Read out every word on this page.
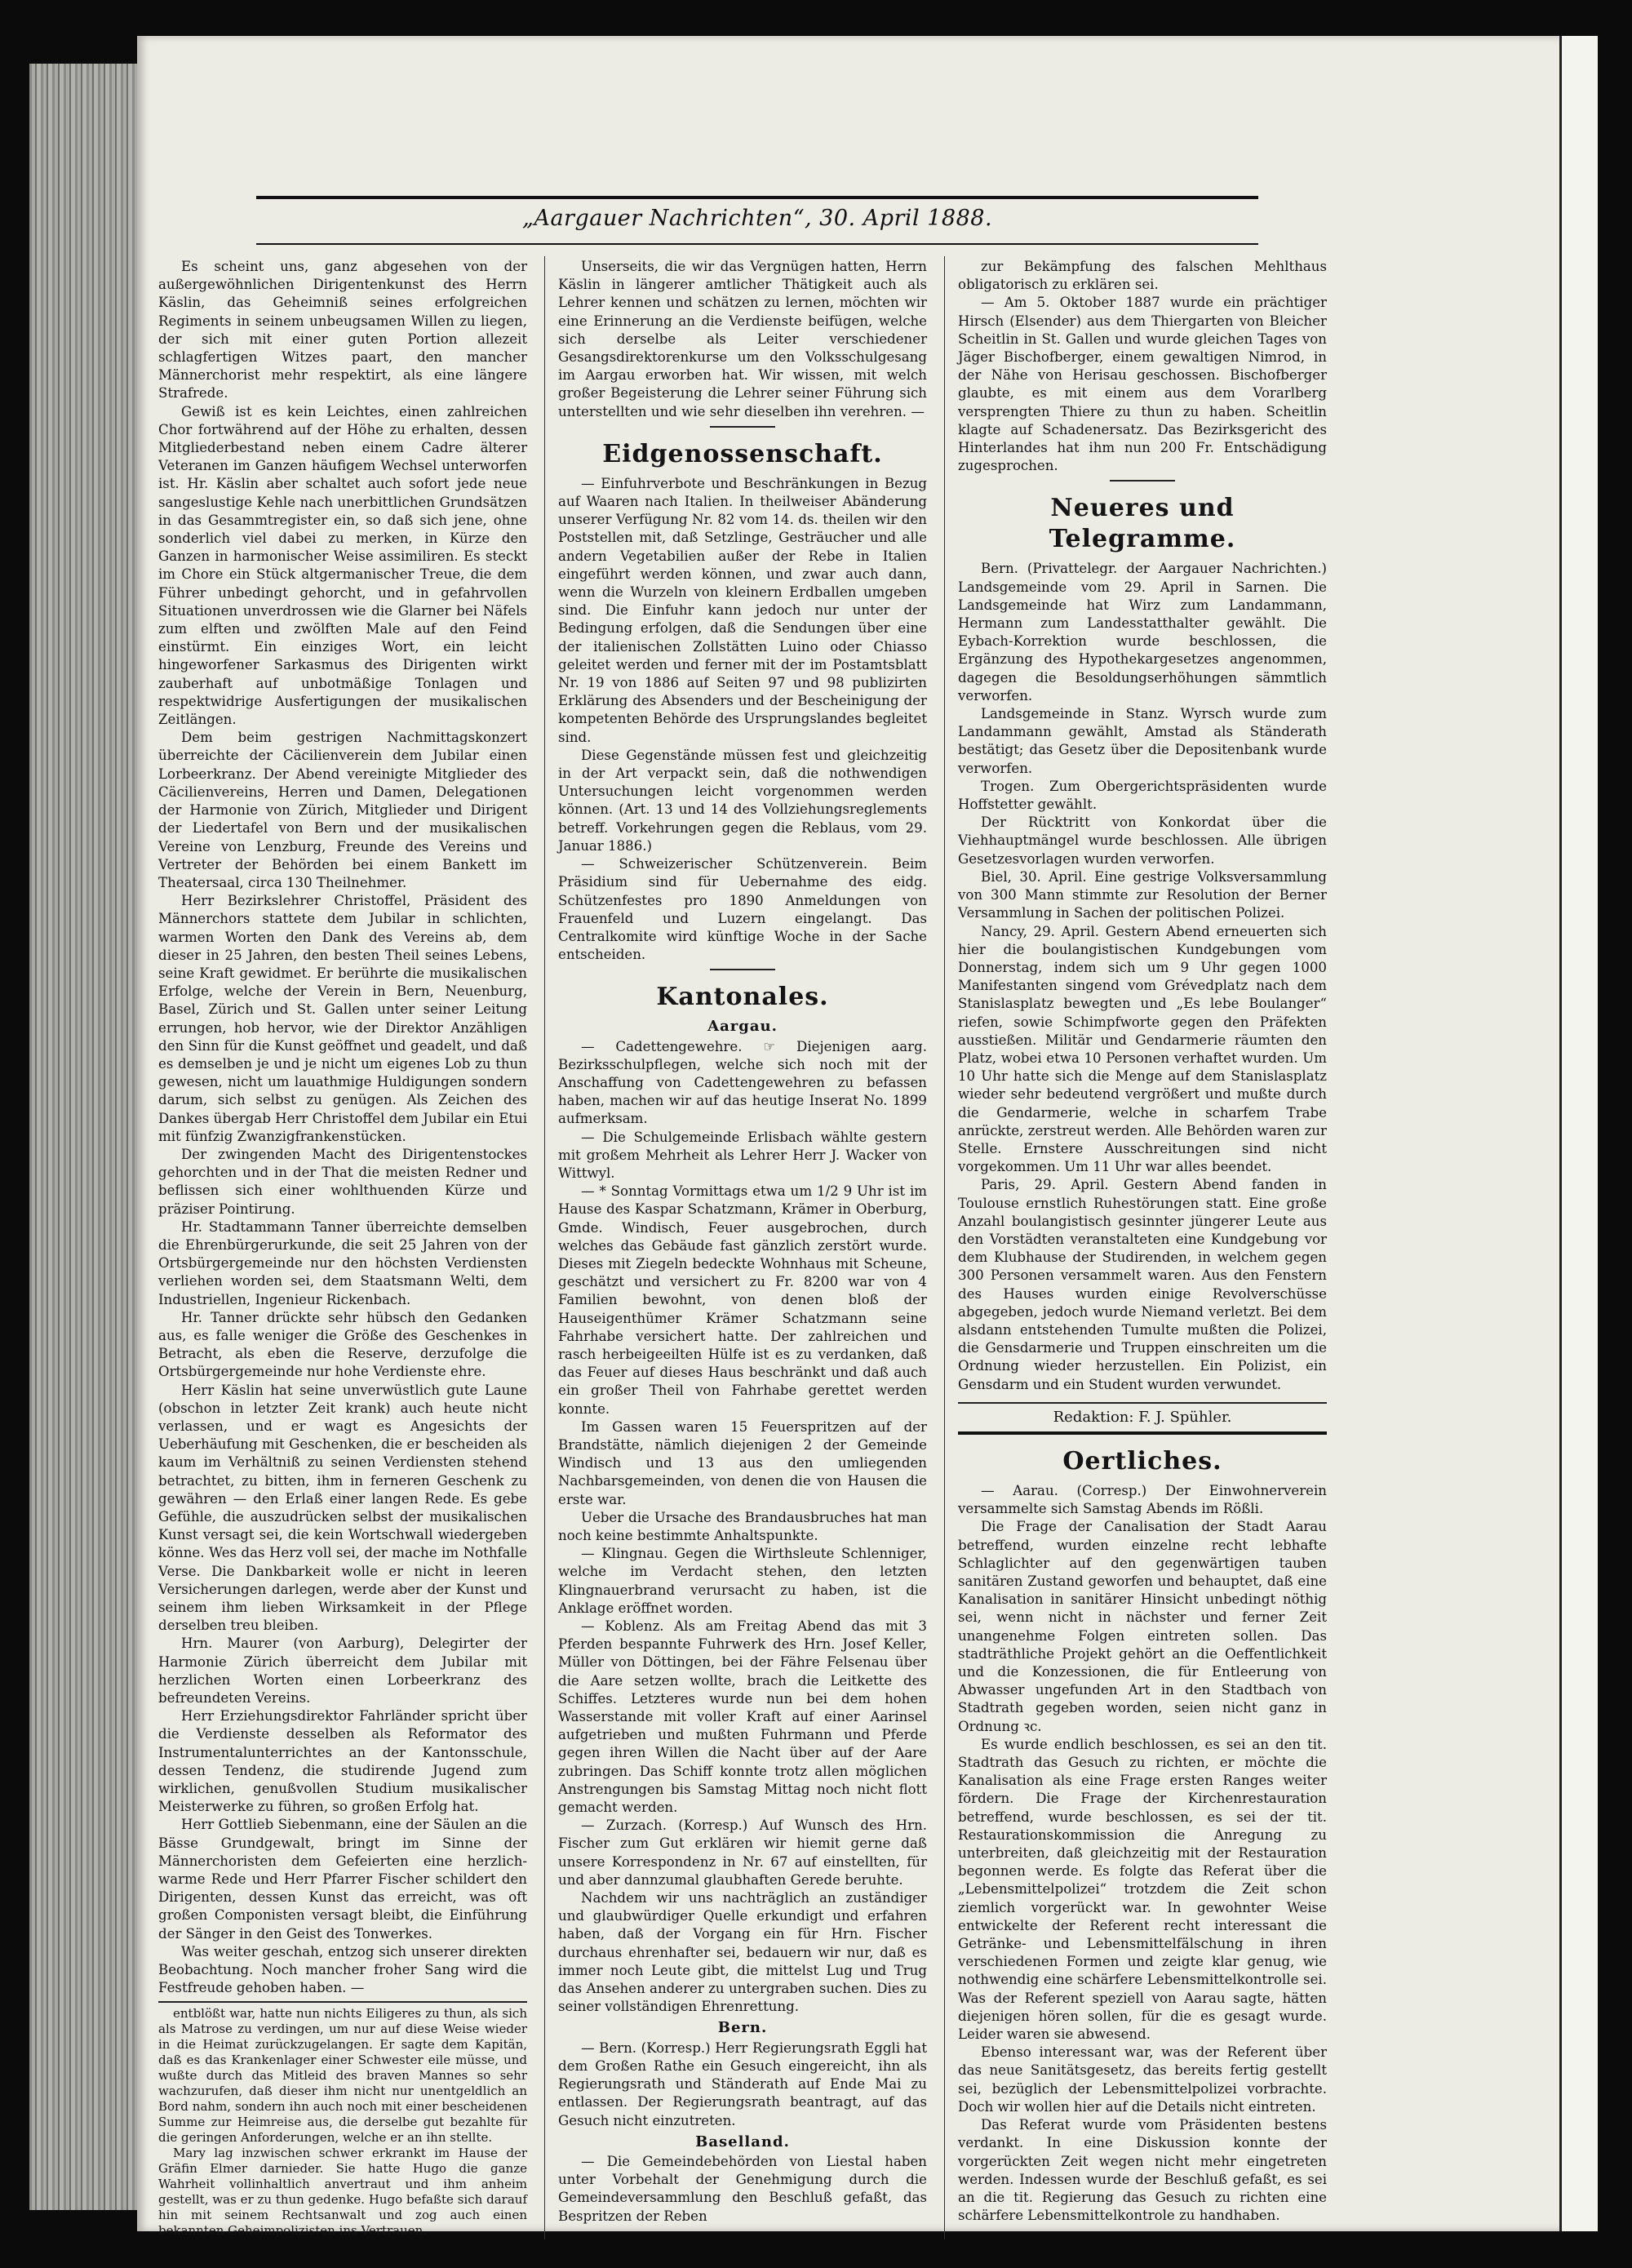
„Aargauer Nachrichten“, 30. April 1888.

Es scheint uns, ganz abgesehen von der außergewöhnlichen Dirigentenkunst des Herrn Käslin, das Geheimniß seines erfolgreichen Regiments in seinem unbeugsamen Willen zu liegen, der sich mit einer guten Portion allezeit schlagfertigen Witzes paart, den mancher Männerchorist mehr respektirt, als eine längere Strafrede.

Gewiß ist es kein Leichtes, einen zahlreichen Chor fortwährend auf der Höhe zu erhalten, dessen Mitgliederbestand neben einem Cadre älterer Veteranen im Ganzen häufigem Wechsel unterworfen ist. Hr. Käslin aber schaltet auch sofort jede neue sangeslustige Kehle nach unerbittlichen Grundsätzen in das Gesammtregister ein, so daß sich jene, ohne sonderlich viel dabei zu merken, in Kürze den Ganzen in harmonischer Weise assimiliren. Es steckt im Chore ein Stück altgermanischer Treue, die dem Führer unbedingt gehorcht, und in gefahrvollen Situationen unverdrossen wie die Glarner bei Näfels zum elften und zwölften Male auf den Feind einstürmt. Ein einziges Wort, ein leicht hingeworfener Sarkasmus des Dirigenten wirkt zauberhaft auf unbotmäßige Tonlagen und respektwidrige Ausfertigungen der musikalischen Zeitlängen.

Dem beim gestrigen Nachmittagskonzert überreichte der Cäcilienverein dem Jubilar einen Lorbeerkranz. Der Abend vereinigte Mitglieder des Cäcilienvereins, Herren und Damen, Delegationen der Harmonie von Zürich, Mitglieder und Dirigent der Liedertafel von Bern und der musikalischen Vereine von Lenzburg, Freunde des Vereins und Vertreter der Behörden bei einem Bankett im Theatersaal, circa 130 Theilnehmer.

Herr Bezirkslehrer Christoffel, Präsident des Männerchors stattete dem Jubilar in schlichten, warmen Worten den Dank des Vereins ab, dem dieser in 25 Jahren, den besten Theil seines Lebens, seine Kraft gewidmet. Er berührte die musikalischen Erfolge, welche der Verein in Bern, Neuenburg, Basel, Zürich und St. Gallen unter seiner Leitung errungen, hob hervor, wie der Direktor Anzähligen den Sinn für die Kunst geöffnet und geadelt, und daß es demselben je und je nicht um eigenes Lob zu thun gewesen, nicht um lauathmige Huldigungen sondern darum, sich selbst zu genügen. Als Zeichen des Dankes übergab Herr Christoffel dem Jubilar ein Etui mit fünfzig Zwanzigfrankenstücken.

Der zwingenden Macht des Dirigentenstockes gehorchten und in der That die meisten Redner und beflissen sich einer wohlthuenden Kürze und präziser Pointirung.

Hr. Stadtammann Tanner überreichte demselben die Ehrenbürgerurkunde, die seit 25 Jahren von der Ortsbürgergemeinde nur den höchsten Verdiensten verliehen worden sei, dem Staatsmann Welti, dem Industriellen, Ingenieur Rickenbach.

Hr. Tanner drückte sehr hübsch den Gedanken aus, es falle weniger die Größe des Geschenkes in Betracht, als eben die Reserve, derzufolge die Ortsbürgergemeinde nur hohe Verdienste ehre.

Herr Käslin hat seine unverwüstlich gute Laune (obschon in letzter Zeit krank) auch heute nicht verlassen, und er wagt es Angesichts der Ueberhäufung mit Geschenken, die er bescheiden als kaum im Verhältniß zu seinen Verdiensten stehend betrachtet, zu bitten, ihm in ferneren Geschenk zu gewähren — den Erlaß einer langen Rede. Es gebe Gefühle, die auszudrücken selbst der musikalischen Kunst versagt sei, die kein Wortschwall wiedergeben könne. Wes das Herz voll sei, der mache im Nothfalle Verse. Die Dankbarkeit wolle er nicht in leeren Versicherungen darlegen, werde aber der Kunst und seinem ihm lieben Wirksamkeit in der Pflege derselben treu bleiben.

Hrn. Maurer (von Aarburg), Delegirter der Harmonie Zürich überreicht dem Jubilar mit herzlichen Worten einen Lorbeerkranz des befreundeten Vereins.

Herr Erziehungsdirektor Fahrländer spricht über die Verdienste desselben als Reformator des Instrumentalunterrichtes an der Kantonsschule, dessen Tendenz, die studirende Jugend zum wirklichen, genußvollen Studium musikalischer Meisterwerke zu führen, so großen Erfolg hat.

Herr Gottlieb Siebenmann, eine der Säulen an die Bässe Grundgewalt, bringt im Sinne der Männerchoristen dem Gefeierten eine herzlich-warme Rede und Herr Pfarrer Fischer schildert den Dirigenten, dessen Kunst das erreicht, was oft großen Componisten versagt bleibt, die Einführung der Sänger in den Geist des Tonwerkes.

Was weiter geschah, entzog sich unserer direkten Beobachtung. Noch mancher froher Sang wird die Festfreude gehoben haben. —

entblößt war, hatte nun nichts Eiligeres zu thun, als sich als Matrose zu verdingen, um nur auf diese Weise wieder in die Heimat zurückzugelangen. Er sagte dem Kapitän, daß es das Krankenlager einer Schwester eile müsse, und wußte durch das Mitleid des braven Mannes so sehr wachzurufen, daß dieser ihm nicht nur unentgeldlich an Bord nahm, sondern ihn auch noch mit einer bescheidenen Summe zur Heimreise aus, die derselbe gut bezahlte für die geringen Anforderungen, welche er an ihn stellte.

Mary lag inzwischen schwer erkrankt im Hause der Gräfin Elmer darnieder. Sie hatte Hugo die ganze Wahrheit vollinhaltlich anvertraut und ihm anheim gestellt, was er zu thun gedenke. Hugo befaßte sich darauf hin mit seinem Rechtsanwalt und zog auch einen bekannten Geheimpolizisten ins Vertrauen.

Unserseits, die wir das Vergnügen hatten, Herrn Käslin in längerer amtlicher Thätigkeit auch als Lehrer kennen und schätzen zu lernen, möchten wir eine Erinnerung an die Verdienste beifügen, welche sich derselbe als Leiter verschiedener Gesangsdirektorenkurse um den Volksschulgesang im Aargau erworben hat. Wir wissen, mit welch großer Begeisterung die Lehrer seiner Führung sich unterstellten und wie sehr dieselben ihn verehren. —

Eidgenossenschaft.

— Einfuhrverbote und Beschränkungen in Bezug auf Waaren nach Italien. In theilweiser Abänderung unserer Verfügung Nr. 82 vom 14. ds. theilen wir den Poststellen mit, daß Setzlinge, Gesträucher und alle andern Vegetabilien außer der Rebe in Italien eingeführt werden können, und zwar auch dann, wenn die Wurzeln von kleinern Erdballen umgeben sind. Die Einfuhr kann jedoch nur unter der Bedingung erfolgen, daß die Sendungen über eine der italienischen Zollstätten Luino oder Chiasso geleitet werden und ferner mit der im Postamtsblatt Nr. 19 von 1886 auf Seiten 97 und 98 publizirten Erklärung des Absenders und der Bescheinigung der kompetenten Behörde des Ursprungslandes begleitet sind.

Diese Gegenstände müssen fest und gleichzeitig in der Art verpackt sein, daß die nothwendigen Untersuchungen leicht vorgenommen werden können. (Art. 13 und 14 des Vollziehungsreglements betreff. Vorkehrungen gegen die Reblaus, vom 29. Januar 1886.)

— Schweizerischer Schützenverein. Beim Präsidium sind für Uebernahme des eidg. Schützenfestes pro 1890 Anmeldungen von Frauenfeld und Luzern eingelangt. Das Centralkomite wird künftige Woche in der Sache entscheiden.

Kantonales.
Aargau.

— Cadettengewehre. ☞ Diejenigen aarg. Bezirksschulpflegen, welche sich noch mit der Anschaffung von Cadettengewehren zu befassen haben, machen wir auf das heutige Inserat No. 1899 aufmerksam.

— Die Schulgemeinde Erlisbach wählte gestern mit großem Mehrheit als Lehrer Herr J. Wacker von Wittwyl.

— * Sonntag Vormittags etwa um 1/2 9 Uhr ist im Hause des Kaspar Schatzmann, Krämer in Oberburg, Gmde. Windisch, Feuer ausgebrochen, durch welches das Gebäude fast gänzlich zerstört wurde. Dieses mit Ziegeln bedeckte Wohnhaus mit Scheune, geschätzt und versichert zu Fr. 8200 war von 4 Familien bewohnt, von denen bloß der Hauseigenthümer Krämer Schatzmann seine Fahrhabe versichert hatte. Der zahlreichen und rasch herbeigeeilten Hülfe ist es zu verdanken, daß das Feuer auf dieses Haus beschränkt und daß auch ein großer Theil von Fahrhabe gerettet werden konnte.

Im Gassen waren 15 Feuerspritzen auf der Brandstätte, nämlich diejenigen 2 der Gemeinde Windisch und 13 aus den umliegenden Nachbarsgemeinden, von denen die von Hausen die erste war.

Ueber die Ursache des Brandausbruches hat man noch keine bestimmte Anhaltspunkte.

— Klingnau. Gegen die Wirthsleute Schlenniger, welche im Verdacht stehen, den letzten Klingnauerbrand verursacht zu haben, ist die Anklage eröffnet worden.

— Koblenz. Als am Freitag Abend das mit 3 Pferden bespannte Fuhrwerk des Hrn. Josef Keller, Müller von Döttingen, bei der Fähre Felsenau über die Aare setzen wollte, brach die Leitkette des Schiffes. Letzteres wurde nun bei dem hohen Wasserstande mit voller Kraft auf einer Aarinsel aufgetrieben und mußten Fuhrmann und Pferde gegen ihren Willen die Nacht über auf der Aare zubringen. Das Schiff konnte trotz allen möglichen Anstrengungen bis Samstag Mittag noch nicht flott gemacht werden.

— Zurzach. (Korresp.) Auf Wunsch des Hrn. Fischer zum Gut erklären wir hiemit gerne daß unsere Korrespondenz in Nr. 67 auf einstellten, für und aber dannzumal glaubhaften Gerede beruhte.

Nachdem wir uns nachträglich an zuständiger und glaubwürdiger Quelle erkundigt und erfahren haben, daß der Vorgang ein für Hrn. Fischer durchaus ehrenhafter sei, bedauern wir nur, daß es immer noch Leute gibt, die mittelst Lug und Trug das Ansehen anderer zu untergraben suchen. Dies zu seiner vollständigen Ehrenrettung.

Bern.

— Bern. (Korresp.) Herr Regierungsrath Eggli hat dem Großen Rathe ein Gesuch eingereicht, ihn als Regierungsrath und Ständerath auf Ende Mai zu entlassen. Der Regierungsrath beantragt, auf das Gesuch nicht einzutreten.

Baselland.

— Die Gemeindebehörden von Liestal haben unter Vorbehalt der Genehmigung durch die Gemeindeversammlung den Beschluß gefaßt, das Bespritzen der Reben

zur Bekämpfung des falschen Mehlthaus obligatorisch zu erklären sei.

— Am 5. Oktober 1887 wurde ein prächtiger Hirsch (Elsender) aus dem Thiergarten von Bleicher Scheitlin in St. Gallen und wurde gleichen Tages von Jäger Bischofberger, einem gewaltigen Nimrod, in der Nähe von Herisau geschossen. Bischofberger glaubte, es mit einem aus dem Vorarlberg versprengten Thiere zu thun zu haben. Scheitlin klagte auf Schadenersatz. Das Bezirksgericht des Hinterlandes hat ihm nun 200 Fr. Entschädigung zugesprochen.

Neueres und Telegramme.

Bern. (Privattelegr. der Aargauer Nachrichten.) Landsgemeinde vom 29. April in Sarnen. Die Landsgemeinde hat Wirz zum Landammann, Hermann zum Landesstatthalter gewählt. Die Eybach-Korrektion wurde beschlossen, die Ergänzung des Hypothekargesetzes angenommen, dagegen die Besoldungserhöhungen sämmtlich verworfen.

Landsgemeinde in Stanz. Wyrsch wurde zum Landammann gewählt, Amstad als Ständerath bestätigt; das Gesetz über die Depositenbank wurde verworfen.

Trogen. Zum Obergerichtspräsidenten wurde Hoffstetter gewählt.

Der Rücktritt von Konkordat über die Viehhauptmängel wurde beschlossen. Alle übrigen Gesetzesvorlagen wurden verworfen.

Biel, 30. April. Eine gestrige Volksversammlung von 300 Mann stimmte zur Resolution der Berner Versammlung in Sachen der politischen Polizei.

Nancy, 29. April. Gestern Abend erneuerten sich hier die boulangistischen Kundgebungen vom Donnerstag, indem sich um 9 Uhr gegen 1000 Manifestanten singend vom Grévedplatz nach dem Stanislasplatz bewegten und „Es lebe Boulanger“ riefen, sowie Schimpfworte gegen den Präfekten ausstießen. Militär und Gendarmerie räumten den Platz, wobei etwa 10 Personen verhaftet wurden. Um 10 Uhr hatte sich die Menge auf dem Stanislasplatz wieder sehr bedeutend vergrößert und mußte durch die Gendarmerie, welche in scharfem Trabe anrückte, zerstreut werden. Alle Behörden waren zur Stelle. Ernstere Ausschreitungen sind nicht vorgekommen. Um 11 Uhr war alles beendet.

Paris, 29. April. Gestern Abend fanden in Toulouse ernstlich Ruhestörungen statt. Eine große Anzahl boulangistisch gesinnter jüngerer Leute aus den Vorstädten veranstalteten eine Kundgebung vor dem Klubhause der Studirenden, in welchem gegen 300 Personen versammelt waren. Aus den Fenstern des Hauses wurden einige Revolverschüsse abgegeben, jedoch wurde Niemand verletzt. Bei dem alsdann entstehenden Tumulte mußten die Polizei, die Gensdarmerie und Truppen einschreiten um die Ordnung wieder herzustellen. Ein Polizist, ein Gensdarm und ein Student wurden verwundet.

Redaktion: F. J. Spühler.
Oertliches.

— Aarau. (Corresp.) Der Einwohnerverein versammelte sich Samstag Abends im Rößli.

Die Frage der Canalisation der Stadt Aarau betreffend, wurden einzelne recht lebhafte Schlaglichter auf den gegenwärtigen tauben sanitären Zustand geworfen und behauptet, daß eine Kanalisation in sanitärer Hinsicht unbedingt nöthig sei, wenn nicht in nächster und ferner Zeit unangenehme Folgen eintreten sollen. Das stadträthliche Projekt gehört an die Oeffentlichkeit und die Konzessionen, die für Entleerung von Abwasser ungefunden Art in den Stadtbach von Stadtrath gegeben worden, seien nicht ganz in Ordnung ꝛc.

Es wurde endlich beschlossen, es sei an den tit. Stadtrath das Gesuch zu richten, er möchte die Kanalisation als eine Frage ersten Ranges weiter fördern. Die Frage der Kirchenrestauration betreffend, wurde beschlossen, es sei der tit. Restaurationskommission die Anregung zu unterbreiten, daß gleichzeitig mit der Restauration begonnen werde. Es folgte das Referat über die „Lebensmittelpolizei“ trotzdem die Zeit schon ziemlich vorgerückt war. In gewohnter Weise entwickelte der Referent recht interessant die Getränke- und Lebensmittelfälschung in ihren verschiedenen Formen und zeigte klar genug, wie nothwendig eine schärfere Lebensmittelkontrolle sei. Was der Referent speziell von Aarau sagte, hätten diejenigen hören sollen, für die es gesagt wurde. Leider waren sie abwesend.

Ebenso interessant war, was der Referent über das neue Sanitätsgesetz, das bereits fertig gestellt sei, bezüglich der Lebensmittelpolizei vorbrachte. Doch wir wollen hier auf die Details nicht eintreten.

Das Referat wurde vom Präsidenten bestens verdankt. In eine Diskussion konnte der vorgerückten Zeit wegen nicht mehr eingetreten werden. Indessen wurde der Beschluß gefaßt, es sei an die tit. Regierung das Gesuch zu richten eine schärfere Lebensmittelkontrole zu handhaben.
